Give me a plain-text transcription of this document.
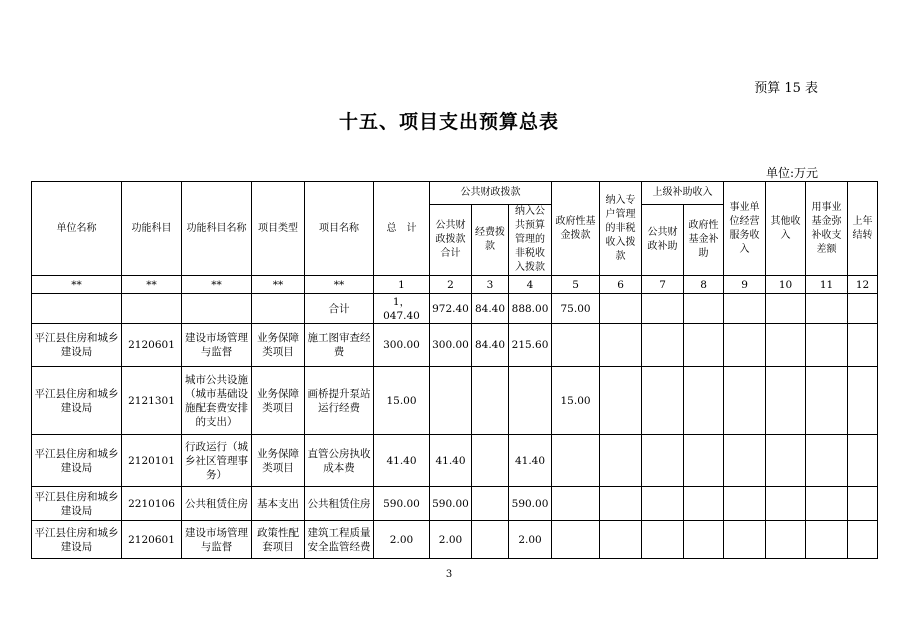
预算 15 表
十五、项目支出预算总表
单位:万元
单位名称	功能科目	功能科目名称	项目类型	项目名称	总　计	公共财政拨款			政府性基金拨款	纳入专户管理的非税收入拨款	上级补助收入		事业单位经营服务收入	其他收入	用事业基金弥补收支差额	上年结转
						公共财政拨款合计	经费拨款	纳入公共预算管理的非税收入拨款			公共财政补助	政府性基金补助				
**	**	**	**	**	1	2	3	4	5	6	7	8	9	10	11	12
				合计	1，047.40	972.40	84.40	888.00	75.00							
平江县住房和城乡建设局	2120601	建设市场管理与监督	业务保障类项目	施工图审查经费	300.00	300.00	84.40	215.60								
平江县住房和城乡建设局	2121301	城市公共设施（城市基础设施配套费安排的支出）	业务保障类项目	画桥提升泵站运行经费	15.00				15.00							
平江县住房和城乡建设局	2120101	行政运行（城乡社区管理事务）	业务保障类项目	直管公房执收成本费	41.40	41.40		41.40								
平江县住房和城乡建设局	2210106	公共租赁住房	基本支出	公共租赁住房	590.00	590.00		590.00								
平江县住房和城乡建设局	2120601	建设市场管理与监督	政策性配套项目	建筑工程质量安全监管经费	2.00	2.00		2.00								
3
